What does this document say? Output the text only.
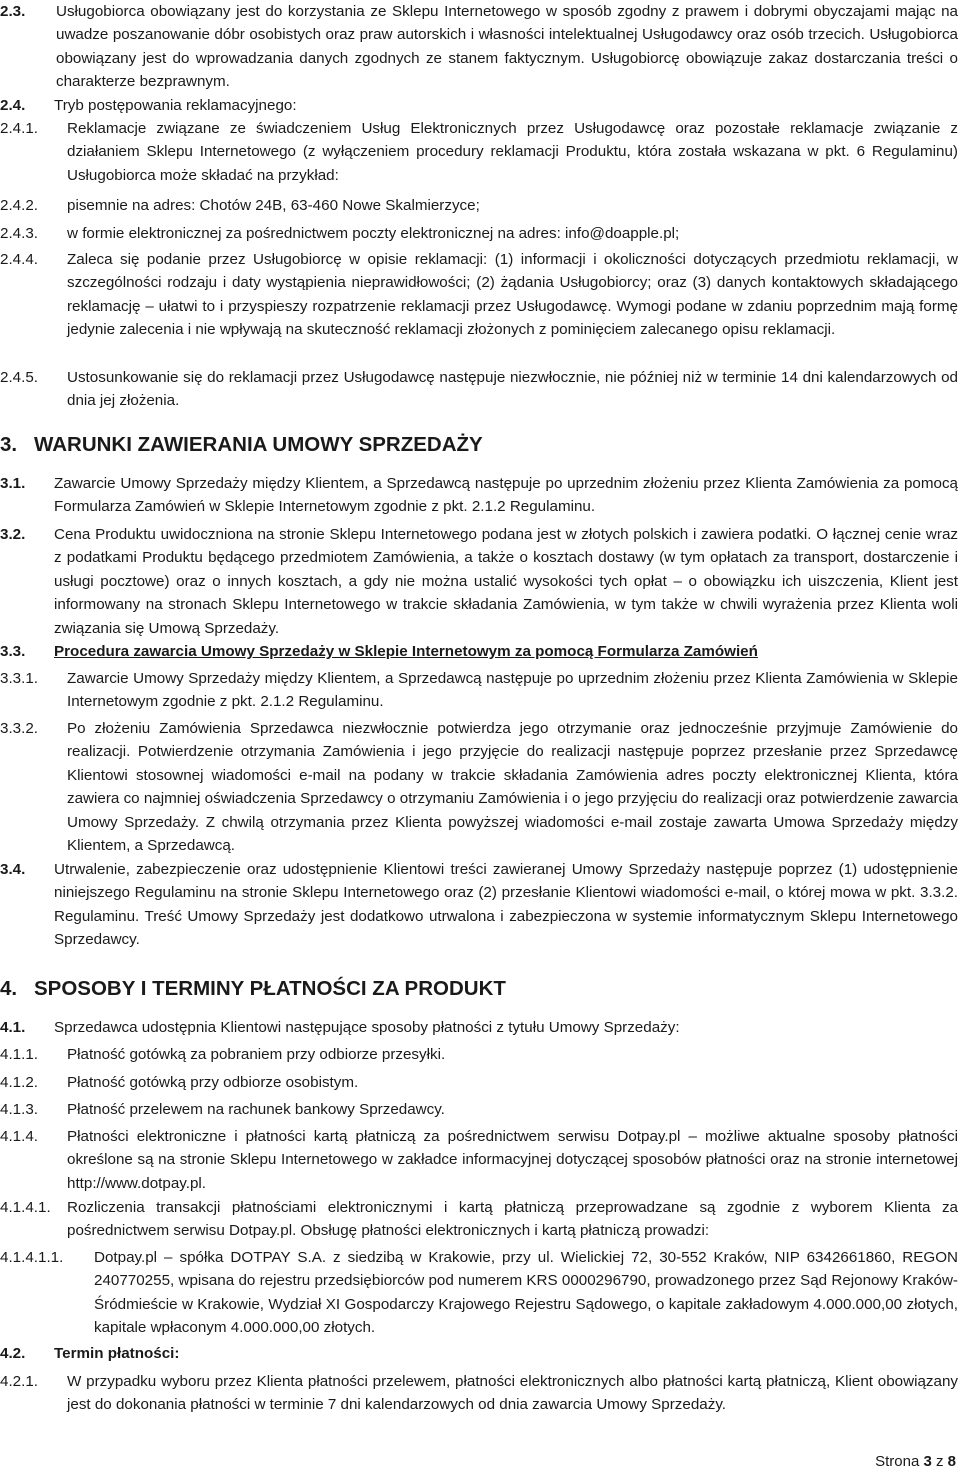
2.3.	Usługobiorca obowiązany jest do korzystania ze Sklepu Internetowego w sposób zgodny z prawem i dobrymi obyczajami mając na uwadze poszanowanie dóbr osobistych oraz praw autorskich i własności intelektualnej Usługodawcy oraz osób trzecich. Usługobiorca obowiązany jest do wprowadzania danych zgodnych ze stanem faktycznym. Usługobiorcę obowiązuje zakaz dostarczania treści o charakterze bezprawnym.
2.4.	Tryb postępowania reklamacyjnego:
2.4.1.	Reklamacje związane ze świadczeniem Usług Elektronicznych przez Usługodawcę oraz pozostałe reklamacje związanie z działaniem Sklepu Internetowego (z wyłączeniem procedury reklamacji Produktu, która została wskazana w pkt. 6 Regulaminu) Usługobiorca może składać na przykład:
2.4.2.	pisemnie na adres: Chotów 24B, 63-460 Nowe Skalmierzyce;
2.4.3.	w formie elektronicznej za pośrednictwem poczty elektronicznej na adres: info@doapple.pl;
2.4.4.	Zaleca się podanie przez Usługobiorcę w opisie reklamacji: (1) informacji i okoliczności dotyczących przedmiotu reklamacji, w szczególności rodzaju i daty wystąpienia nieprawidłowości; (2) żądania Usługobiorcy; oraz (3) danych kontaktowych składającego reklamację – ułatwi to i przyspieszy rozpatrzenie reklamacji przez Usługodawcę. Wymogi podane w zdaniu poprzednim mają formę jedynie zalecenia i nie wpływają na skuteczność reklamacji złożonych z pominięciem zalecanego opisu reklamacji.
2.4.5.	Ustosunkowanie się do reklamacji przez Usługodawcę następuje niezwłocznie, nie później niż w terminie 14 dni kalendarzowych od dnia jej złożenia.
3. WARUNKI ZAWIERANIA UMOWY SPRZEDAŻY
3.1.	Zawarcie Umowy Sprzedaży między Klientem, a Sprzedawcą następuje po uprzednim złożeniu przez Klienta Zamówienia za pomocą Formularza Zamówień w Sklepie Internetowym zgodnie z pkt. 2.1.2 Regulaminu.
3.2.	Cena Produktu uwidoczniona na stronie Sklepu Internetowego podana jest w złotych polskich i zawiera podatki. O łącznej cenie wraz z podatkami Produktu będącego przedmiotem Zamówienia, a także o kosztach dostawy (w tym opłatach za transport, dostarczenie i usługi pocztowe) oraz o innych kosztach, a gdy nie można ustalić wysokości tych opłat – o obowiązku ich uiszczenia, Klient jest informowany na stronach Sklepu Internetowego w trakcie składania Zamówienia, w tym także w chwili wyrażenia przez Klienta woli związania się Umową Sprzedaży.
3.3.	Procedura zawarcia Umowy Sprzedaży w Sklepie Internetowym za pomocą Formularza Zamówień
3.3.1.	Zawarcie Umowy Sprzedaży między Klientem, a Sprzedawcą następuje po uprzednim złożeniu przez Klienta Zamówienia w Sklepie Internetowym zgodnie z pkt. 2.1.2 Regulaminu.
3.3.2.	Po złożeniu Zamówienia Sprzedawca niezwłocznie potwierdza jego otrzymanie oraz jednocześnie przyjmuje Zamówienie do realizacji. Potwierdzenie otrzymania Zamówienia i jego przyjęcie do realizacji następuje poprzez przesłanie przez Sprzedawcę Klientowi stosownej wiadomości e-mail na podany w trakcie składania Zamówienia adres poczty elektronicznej Klienta, która zawiera co najmniej oświadczenia Sprzedawcy o otrzymaniu Zamówienia i o jego przyjęciu do realizacji oraz potwierdzenie zawarcia Umowy Sprzedaży. Z chwilą otrzymania przez Klienta powyższej wiadomości e-mail zostaje zawarta Umowa Sprzedaży między Klientem, a Sprzedawcą.
3.4.	Utrwalenie, zabezpieczenie oraz udostępnienie Klientowi treści zawieranej Umowy Sprzedaży następuje poprzez (1) udostępnienie niniejszego Regulaminu na stronie Sklepu Internetowego oraz (2) przesłanie Klientowi wiadomości e-mail, o której mowa w pkt. 3.3.2. Regulaminu. Treść Umowy Sprzedaży jest dodatkowo utrwalona i zabezpieczona w systemie informatycznym Sklepu Internetowego Sprzedawcy.
4. SPOSOBY I TERMINY PŁATNOŚCI ZA PRODUKT
4.1.	Sprzedawca udostępnia Klientowi następujące sposoby płatności z tytułu Umowy Sprzedaży:
4.1.1.	Płatność gotówką za pobraniem przy odbiorze przesyłki.
4.1.2.	Płatność gotówką przy odbiorze osobistym.
4.1.3.	Płatność przelewem na rachunek bankowy Sprzedawcy.
4.1.4.	Płatności elektroniczne i płatności kartą płatniczą za pośrednictwem serwisu Dotpay.pl – możliwe aktualne sposoby płatności określone są na stronie Sklepu Internetowego w zakładce informacyjnej dotyczącej sposobów płatności oraz na stronie internetowej http://www.dotpay.pl.
4.1.4.1.	Rozliczenia transakcji płatnościami elektronicznymi i kartą płatniczą przeprowadzane są zgodnie z wyborem Klienta za pośrednictwem serwisu Dotpay.pl. Obsługę płatności elektronicznych i kartą płatniczą prowadzi:
4.1.4.1.1.	Dotpay.pl – spółka DOTPAY S.A. z siedzibą w Krakowie, przy ul. Wielickiej 72, 30-552 Kraków, NIP 6342661860, REGON 240770255, wpisana do rejestru przedsiębiorców pod numerem KRS 0000296790, prowadzonego przez Sąd Rejonowy Kraków-Śródmieście w Krakowie, Wydział XI Gospodarczy Krajowego Rejestru Sądowego, o kapitale zakładowym 4.000.000,00 złotych, kapitale wpłaconym 4.000.000,00 złotych.
4.2.	Termin płatności:
4.2.1.	W przypadku wyboru przez Klienta płatności przelewem, płatności elektronicznych albo płatności kartą płatniczą, Klient obowiązany jest do dokonania płatności w terminie 7 dni kalendarzowych od dnia zawarcia Umowy Sprzedaży.
Strona 3 z 8
